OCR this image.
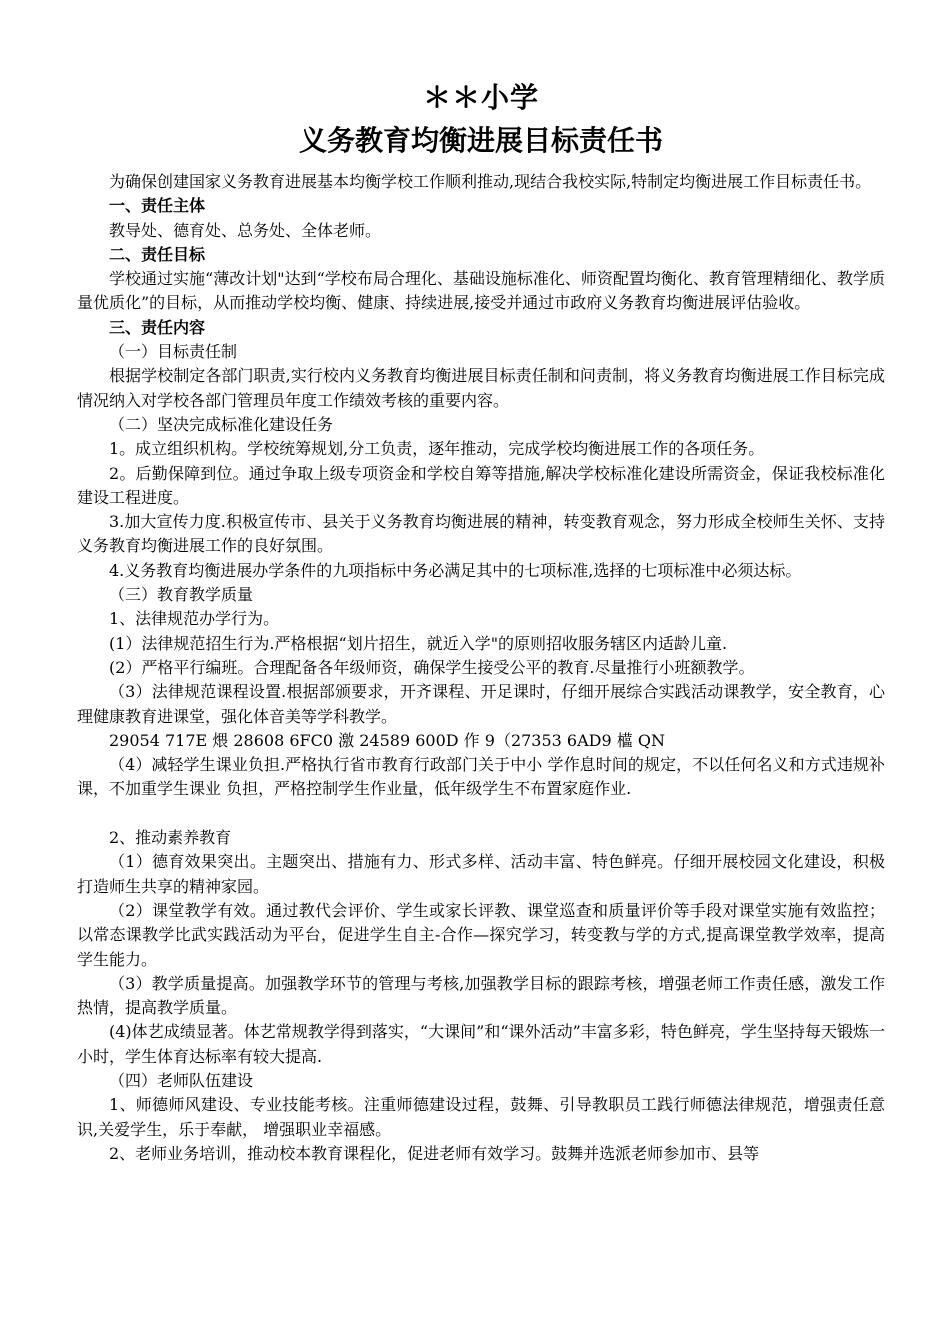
＊＊小学
义务教育均衡进展目标责任书

为确保创建国家义务教育进展基本均衡学校工作顺利推动,现结合我校实际,特制定均衡进展工作目标责任书。

一、责任主体

教导处、德育处、总务处、全体老师。

二、责任目标

学校通过实施“薄改计划"达到“学校布局合理化、基础设施标准化、师资配置均衡化、教育管理精细化、教学质量优质化”的目标，从而推动学校均衡、健康、持续进展,接受并通过市政府义务教育均衡进展评估验收。

三、责任内容

（一）目标责任制

根据学校制定各部门职责,实行校内义务教育均衡进展目标责任制和问责制，将义务教育均衡进展工作目标完成情况纳入对学校各部门管理员年度工作绩效考核的重要内容。

（二）坚决完成标准化建设任务

1。成立组织机构。学校统筹规划,分工负责，逐年推动，完成学校均衡进展工作的各项任务。

2。后勤保障到位。通过争取上级专项资金和学校自筹等措施,解决学校标准化建设所需资金，保证我校标准化建设工程进度。

3.加大宣传力度.积极宣传市、县关于义务教育均衡进展的精神，转变教育观念，努力形成全校师生关怀、支持义务教育均衡进展工作的良好氛围。

4.义务教育均衡进展办学条件的九项指标中务必满足其中的七项标准,选择的七项标准中必须达标。

（三）教育教学质量

1、法律规范办学行为。

(1）法律规范招生行为.严格根据“划片招生，就近入学"的原则招收服务辖区内适龄儿童.

(2）严格平行编班。合理配备各年级师资，确保学生接受公平的教育.尽量推行小班额教学。

（3）法律规范课程设置.根据部颁要求，开齐课程、开足课时，仔细开展综合实践活动课教学，安全教育，心理健康教育进课堂，强化体音美等学科教学。

29054 717E 煨 28608 6FC0 激 24589 600D 作 9（27353 6AD9 櫙 QN

（4）减轻学生课业负担.严格执行省市教育行政部门关于中小 学作息时间的规定，不以任何名义和方式违规补课，不加重学生课业 负担，严格控制学生作业量，低年级学生不布置家庭作业.

2、推动素养教育

（1）德育效果突出。主题突出、措施有力、形式多样、活动丰富、特色鲜亮。仔细开展校园文化建设，积极打造师生共享的精神家园。

（2）课堂教学有效。通过教代会评价、学生或家长评教、课堂巡查和质量评价等手段对课堂实施有效监控；以常态课教学比武实践活动为平台，促进学生自主-合作—探究学习，转变教与学的方式,提高课堂教学效率，提高学生能力。

（3）教学质量提高。加强教学环节的管理与考核,加强教学目标的跟踪考核，增强老师工作责任感，激发工作热情，提高教学质量。

(4)体艺成绩显著。体艺常规教学得到落实，“大课间”和“课外活动”丰富多彩，特色鲜亮，学生坚持每天锻炼一小时，学生体育达标率有较大提高.

（四）老师队伍建设

1、师德师风建设、专业技能考核。注重师德建设过程，鼓舞、引导教职员工践行师德法律规范，增强责任意识,关爱学生，乐于奉献， 增强职业幸福感。

2、老师业务培训，推动校本教育课程化，促进老师有效学习。鼓舞并选派老师参加市、县等
